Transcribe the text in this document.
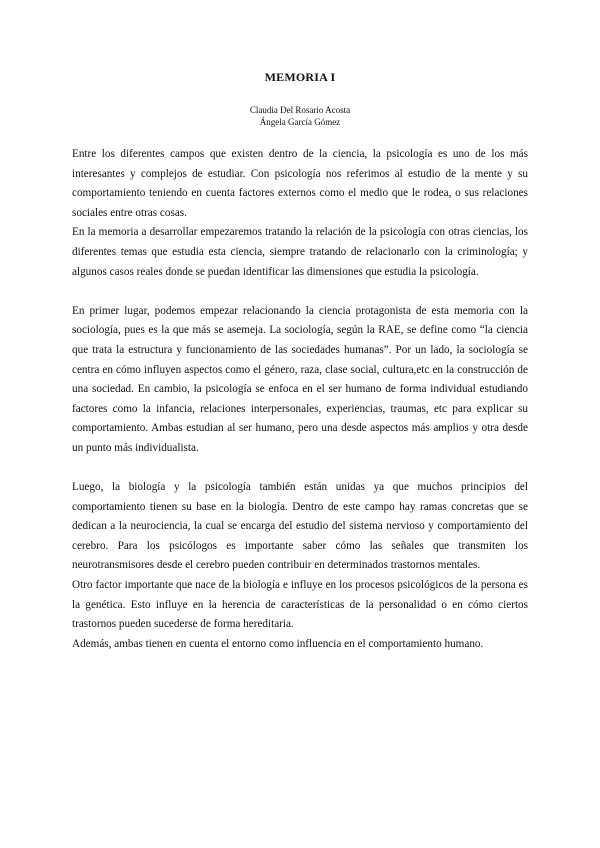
MEMORIA I
Claudia Del Rosario Acosta
Ángela García Gómez

Entre los diferentes campos que existen dentro de la ciencia, la psicología es uno de los más interesantes y complejos de estudiar. Con psicología nos referimos al estudio de la mente y su comportamiento teniendo en cuenta factores externos como el medio que le rodea, o sus relaciones sociales entre otras cosas.

En la memoria a desarrollar empezaremos tratando la relación de la psicología con otras ciencias, los diferentes temas que estudia esta ciencia, siempre tratando de relacionarlo con la criminología; y algunos casos reales donde se puedan identificar las dimensiones que estudia la psicología.

En primer lugar, podemos empezar relacionando la ciencia protagonista de esta memoria con la sociología, pues es la que más se asemeja. La sociología, según la RAE, se define como “la ciencia que trata la estructura y funcionamiento de las sociedades humanas”. Por un lado, la sociología se centra en cómo influyen aspectos como el género, raza, clase social, cultura,etc en la construcción de una sociedad. En cambio, la psicología se enfoca en el ser humano de forma individual estudiando factores como la infancia, relaciones interpersonales, experiencias, traumas, etc para explicar su comportamiento. Ambas estudian al ser humano, pero una desde aspectos más amplios y otra desde un punto más individualista.

Luego, la biología y la psicología también están unidas ya que muchos principios del comportamiento tienen su base en la biología. Dentro de este campo hay ramas concretas que se dedican a la neurociencia, la cual se encarga del estudio del sistema nervioso y comportamiento del cerebro. Para los psicólogos es importante saber cómo las señales que transmiten los neurotransmisores desde el cerebro pueden contribuir en determinados trastornos mentales.

Otro factor importante que nace de la biología e influye en los procesos psicológicos de la persona es la genética. Esto influye en la herencia de características de la personalidad o en cómo ciertos trastornos pueden sucederse de forma hereditaria.

Además, ambas tienen en cuenta el entorno como influencia en el comportamiento humano.
